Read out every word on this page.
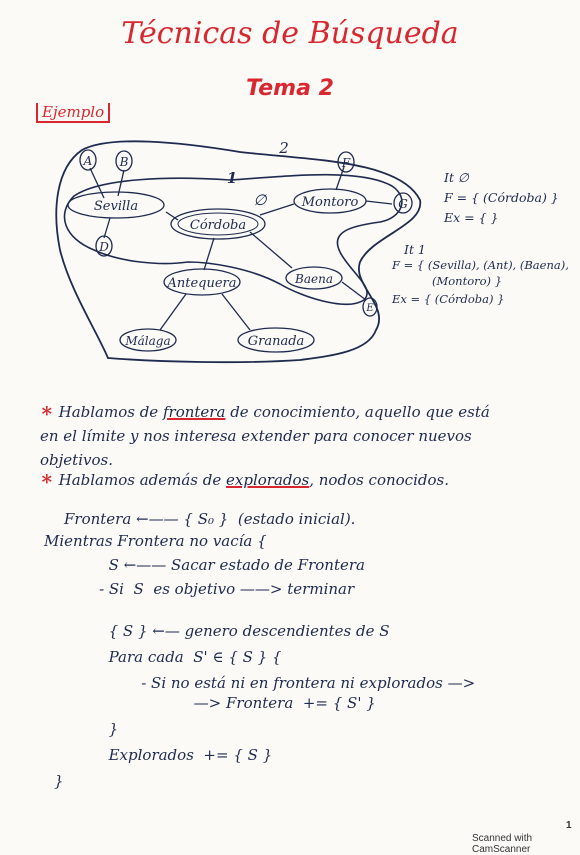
Técnicas de Búsqueda
Tema 2
Ejemplo
A B
D
F
G
E
Sevilla
Córdoba
Montoro
Antequera	Baena
Málaga	Granada
2
1
∅
It ∅
F = { (Córdoba) }
Ex = { }
It 1
F = { (Sevilla), (Ant), (Baena),
(Montoro) }
Ex = { (Córdoba) }
∗ Hablamos de frontera de conocimiento, aquello que está
en el límite y nos interesa extender para conocer nuevos
objetivos.
∗ Hablamos además de explorados, nodos conocidos.
Frontera ←—— { S₀ }  (estado inicial).
Mientras Frontera no vacía {
S ←—— Sacar estado de Frontera
- Si  S  es objetivo ——> terminar
{ S } ←— genero descendientes de S
Para cada  S' ∈ { S } {
- Si no está ni en frontera ni explorados —>
—> Frontera  += { S' }
}
Explorados  += { S }
}
Scanned with CamScanner
1
